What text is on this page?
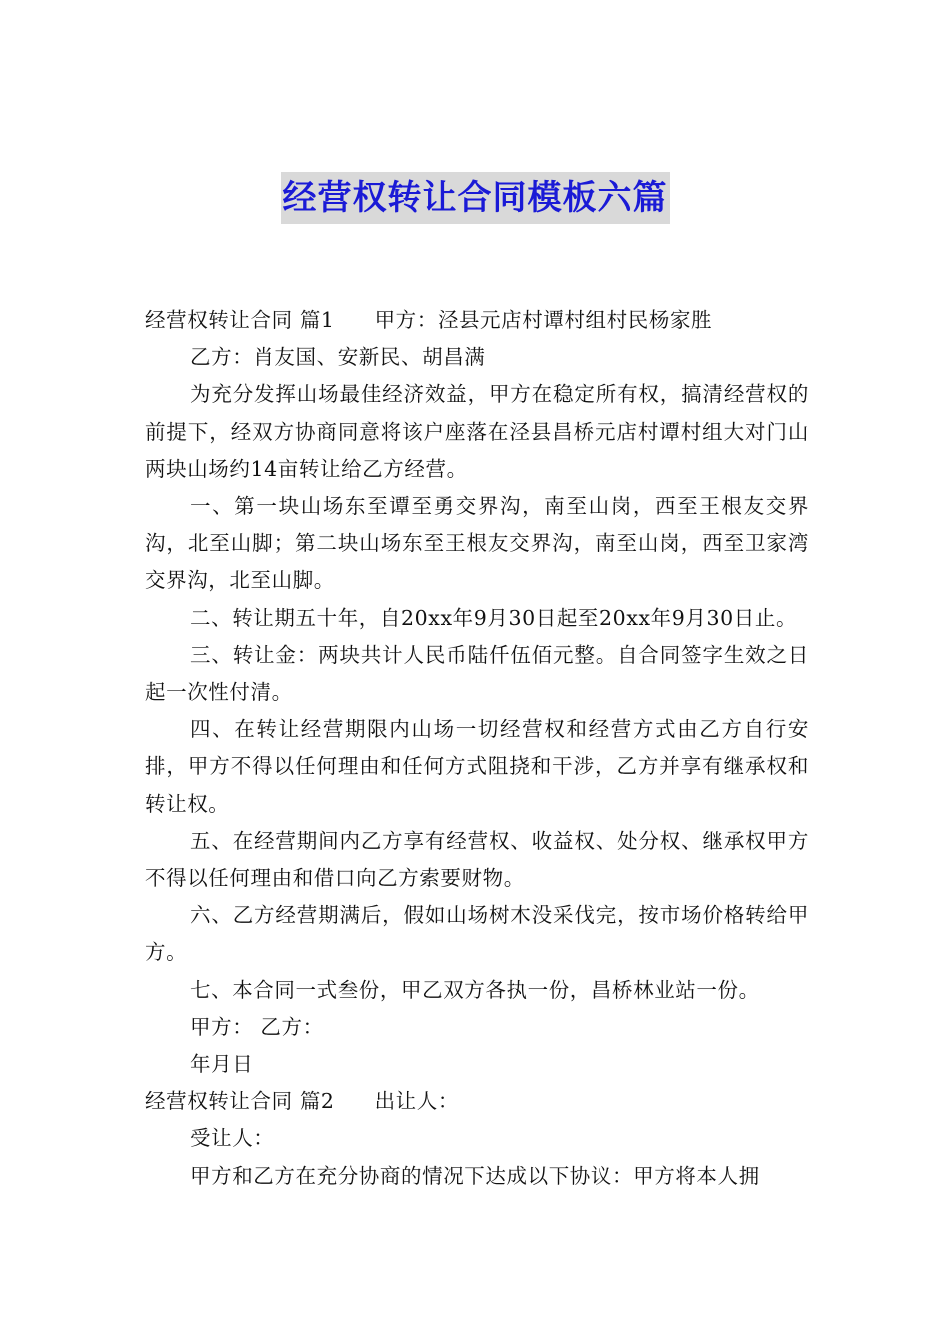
经营权转让合同模板六篇

经营权转让合同 篇1 甲方：泾县元店村谭村组村民杨家胜

乙方：肖友国、安新民、胡昌满

为充分发挥山场最佳经济效益，甲方在稳定所有权，搞清经营权的前提下，经双方协商同意将该户座落在泾县昌桥元店村谭村组大对门山两块山场约14亩转让给乙方经营。

一、第一块山场东至谭至勇交界沟，南至山岗，西至王根友交界沟，北至山脚；第二块山场东至王根友交界沟，南至山岗，西至卫家湾交界沟，北至山脚。

二、转让期五十年，自20xx年9月30日起至20xx年9月30日止。

三、转让金：两块共计人民币陆仟伍佰元整。自合同签字生效之日起一次性付清。

四、在转让经营期限内山场一切经营权和经营方式由乙方自行安排，甲方不得以任何理由和任何方式阻挠和干涉，乙方并享有继承权和转让权。

五、在经营期间内乙方享有经营权、收益权、处分权、继承权甲方不得以任何理由和借口向乙方索要财物。

六、乙方经营期满后，假如山场树木没采伐完，按市场价格转给甲方。

七、本合同一式叁份，甲乙双方各执一份，昌桥林业站一份。

甲方： 乙方：

年月日

经营权转让合同 篇2 出让人：

受让人：

甲方和乙方在充分协商的情况下达成以下协议：甲方将本人拥
